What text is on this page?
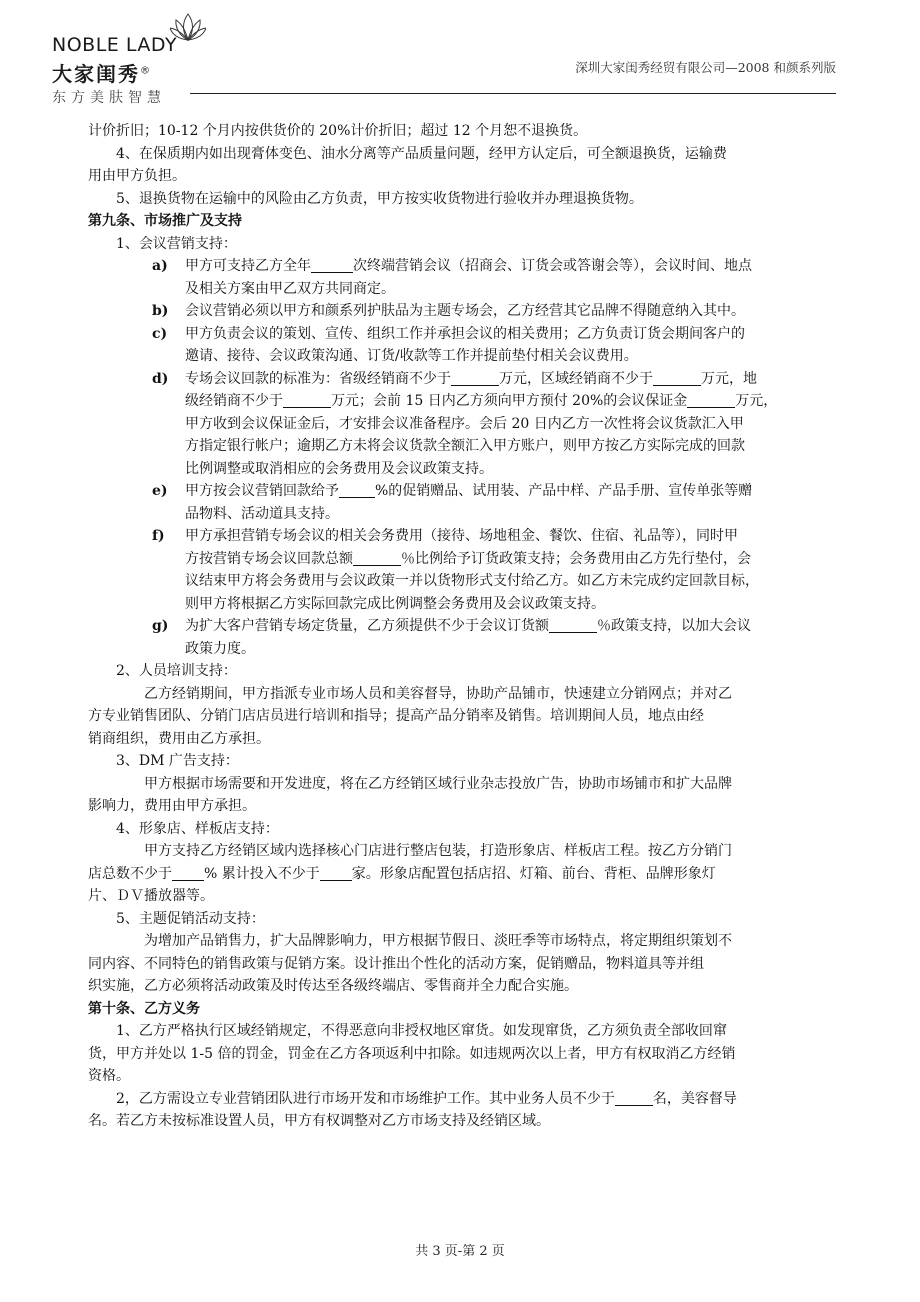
NOBLE LADY
大家闺秀®
东方美肤智慧
深圳大家闺秀经贸有限公司—2008 和颜系列版

计价折旧；10-12 个月内按供货价的 20%计价折旧；超过 12 个月恕不退换货。

4、在保质期内如出现膏体变色、油水分离等产品质量问题，经甲方认定后，可全额退换货，运输费

用由甲方负担。

5、退换货物在运输中的风险由乙方负责，甲方按实收货物进行验收并办理退换货物。

第九条、市场推广及支持

1、会议营销支持：

a) 甲方可支持乙方全年	次终端营销会议（招商会、订货会或答谢会等），会议时间、地点
及相关方案由甲乙双方共同商定。
b) 会议营销必须以甲方和颜系列护肤品为主题专场会，乙方经营其它品牌不得随意纳入其中。
c) 甲方负责会议的策划、宣传、组织工作并承担会议的相关费用；乙方负责订货会期间客户的
邀请、接待、会议政策沟通、订货/收款等工作并提前垫付相关会议费用。
d) 专场会议回款的标准为：省级经销商不少于	万元，区域经销商不少于	万元，地
级经销商不少于	万元；会前 15 日内乙方须向甲方预付 20%的会议保证金	万元，
甲方收到会议保证金后，才安排会议准备程序。会后 20 日内乙方一次性将会议货款汇入甲
方指定银行帐户；逾期乙方未将会议货款全额汇入甲方账户，则甲方按乙方实际完成的回款
比例调整或取消相应的会务费用及会议政策支持。
e) 甲方按会议营销回款给予	%的促销赠品、试用装、产品中样、产品手册、宣传单张等赠
品物料、活动道具支持。
f) 甲方承担营销专场会议的相关会务费用（接待、场地租金、餐饮、住宿、礼品等），同时甲
方按营销专场会议回款总额	％比例给予订货政策支持；会务费用由乙方先行垫付，会
议结束甲方将会务费用与会议政策一并以货物形式支付给乙方。如乙方未完成约定回款目标，
则甲方将根据乙方实际回款完成比例调整会务费用及会议政策支持。
g) 为扩大客户营销专场定货量，乙方须提供不少于会议订货额	％政策支持，以加大会议
政策力度。

2、人员培训支持：

乙方经销期间，甲方指派专业市场人员和美容督导，协助产品铺市，快速建立分销网点；并对乙

方专业销售团队、分销门店店员进行培训和指导；提高产品分销率及销售。培训期间人员，地点由经

销商组织，费用由乙方承担。

3、DM 广告支持：

甲方根据市场需要和开发进度，将在乙方经销区域行业杂志投放广告，协助市场铺市和扩大品牌

影响力，费用由甲方承担。

4、形象店、样板店支持：

甲方支持乙方经销区域内选择核心门店进行整店包装，打造形象店、样板店工程。按乙方分销门

店总数不少于 % 累计投入不少于 家。形象店配置包括店招、灯箱、前台、背柜、品牌形象灯

片、ＤＶ播放器等。

5、主题促销活动支持：

为增加产品销售力，扩大品牌影响力，甲方根据节假日、淡旺季等市场特点，将定期组织策划不

同内容、不同特色的销售政策与促销方案。设计推出个性化的活动方案，促销赠品，物料道具等并组

织实施，乙方必须将活动政策及时传达至各级终端店、零售商并全力配合实施。

第十条、乙方义务

1、乙方严格执行区域经销规定，不得恶意向非授权地区窜货。如发现窜货，乙方须负责全部收回窜

货，甲方并处以 1-5 倍的罚金，罚金在乙方各项返利中扣除。如违规两次以上者，甲方有权取消乙方经销

资格。

2，乙方需设立专业营销团队进行市场开发和市场维护工作。其中业务人员不少于	名，美容督导

名。若乙方未按标准设置人员，甲方有权调整对乙方市场支持及经销区域。

共 3 页-第 2 页
